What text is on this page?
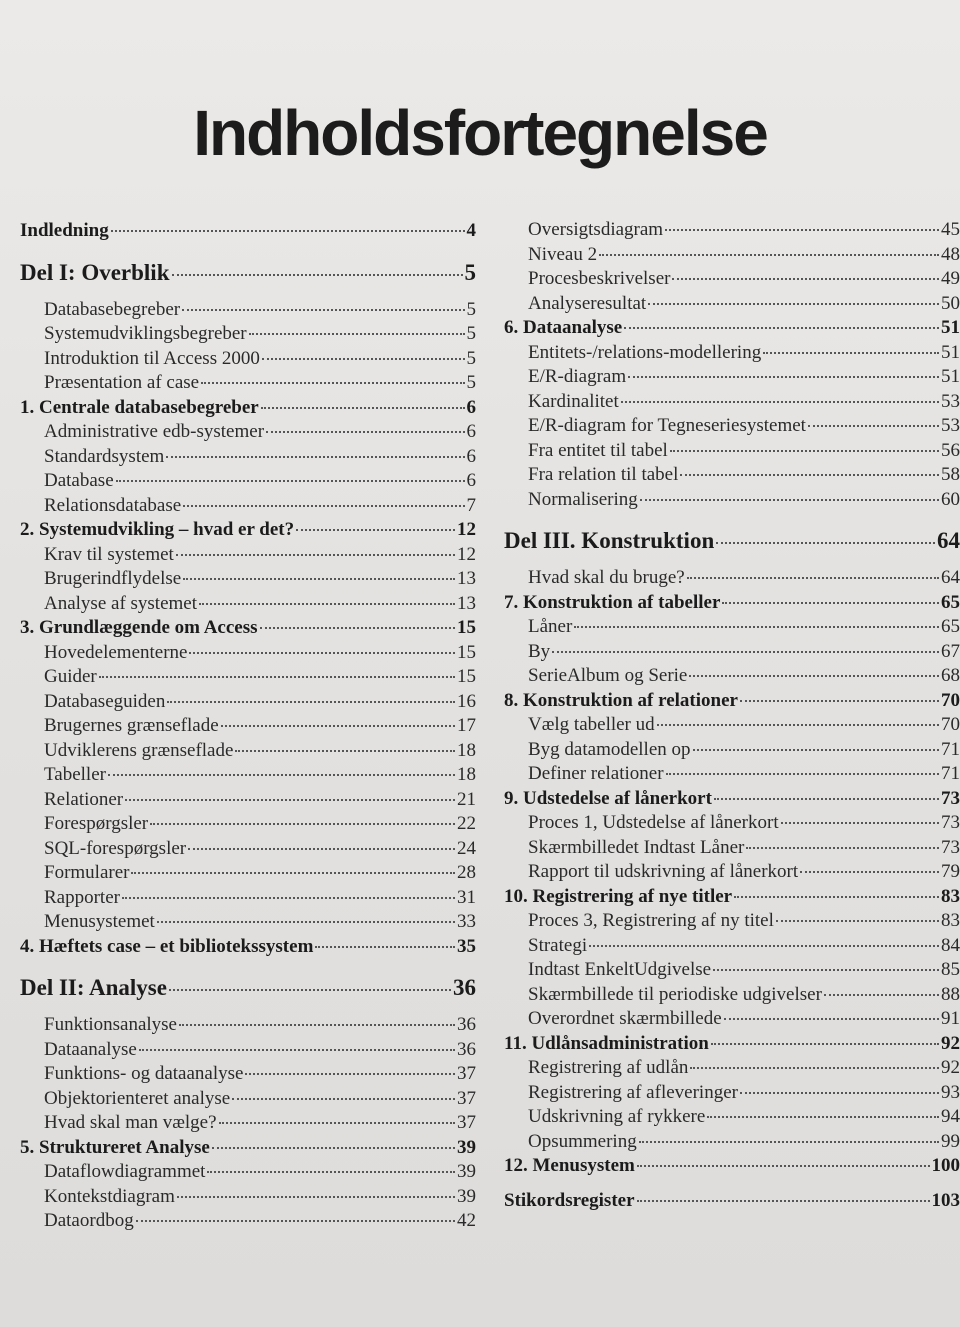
Indholdsfortegnelse
Indledning	4
Del I: Overblik	5
Databasebegreber	5
Systemudviklingsbegreber	5
Introduktion til Access 2000	5
Præsentation af case	5
1. Centrale databasebegreber	6
Administrative edb-systemer	6
Standardsystem	6
Database	6
Relationsdatabase	7
2. Systemudvikling – hvad er det?	12
Krav til systemet	12
Brugerindflydelse	13
Analyse af systemet	13
3. Grundlæggende om Access	15
Hovedelementerne	15
Guider	15
Databaseguiden	16
Brugernes grænseflade	17
Udviklerens grænseflade	18
Tabeller	18
Relationer	21
Forespørgsler	22
SQL-forespørgsler	24
Formularer	28
Rapporter	31
Menusystemet	33
4. Hæftets case – et bibliotekssystem	35
Del II: Analyse	36
Funktionsanalyse	36
Dataanalyse	36
Funktions- og dataanalyse	37
Objektorienteret analyse	37
Hvad skal man vælge?	37
5. Struktureret Analyse	39
Dataflowdiagrammet	39
Kontekstdiagram	39
Dataordbog	42
Oversigtsdiagram	45
Niveau 2	48
Procesbeskrivelser	49
Analyseresultat	50
6. Dataanalyse	51
Entitets-/relations-modellering	51
E/R-diagram	51
Kardinalitet	53
E/R-diagram for Tegneseriesystemet	53
Fra entitet til tabel	56
Fra relation til tabel	58
Normalisering	60
Del III. Konstruktion	64
Hvad skal du bruge?	64
7. Konstruktion af tabeller	65
Låner	65
By	67
SerieAlbum og Serie	68
8. Konstruktion af relationer	70
Vælg tabeller ud	70
Byg datamodellen op	71
Definer relationer	71
9. Udstedelse af lånerkort	73
Proces 1, Udstedelse af lånerkort	73
Skærmbilledet Indtast Låner	73
Rapport til udskrivning af lånerkort	79
10. Registrering af nye titler	83
Proces 3, Registrering af ny titel	83
Strategi	84
Indtast EnkeltUdgivelse	85
Skærmbillede til periodiske udgivelser	88
Overordnet skærmbillede	91
11. Udlånsadministration	92
Registrering af udlån	92
Registrering af afleveringer	93
Udskrivning af rykkere	94
Opsummering	99
12. Menusystem	100
Stikordsregister	103
